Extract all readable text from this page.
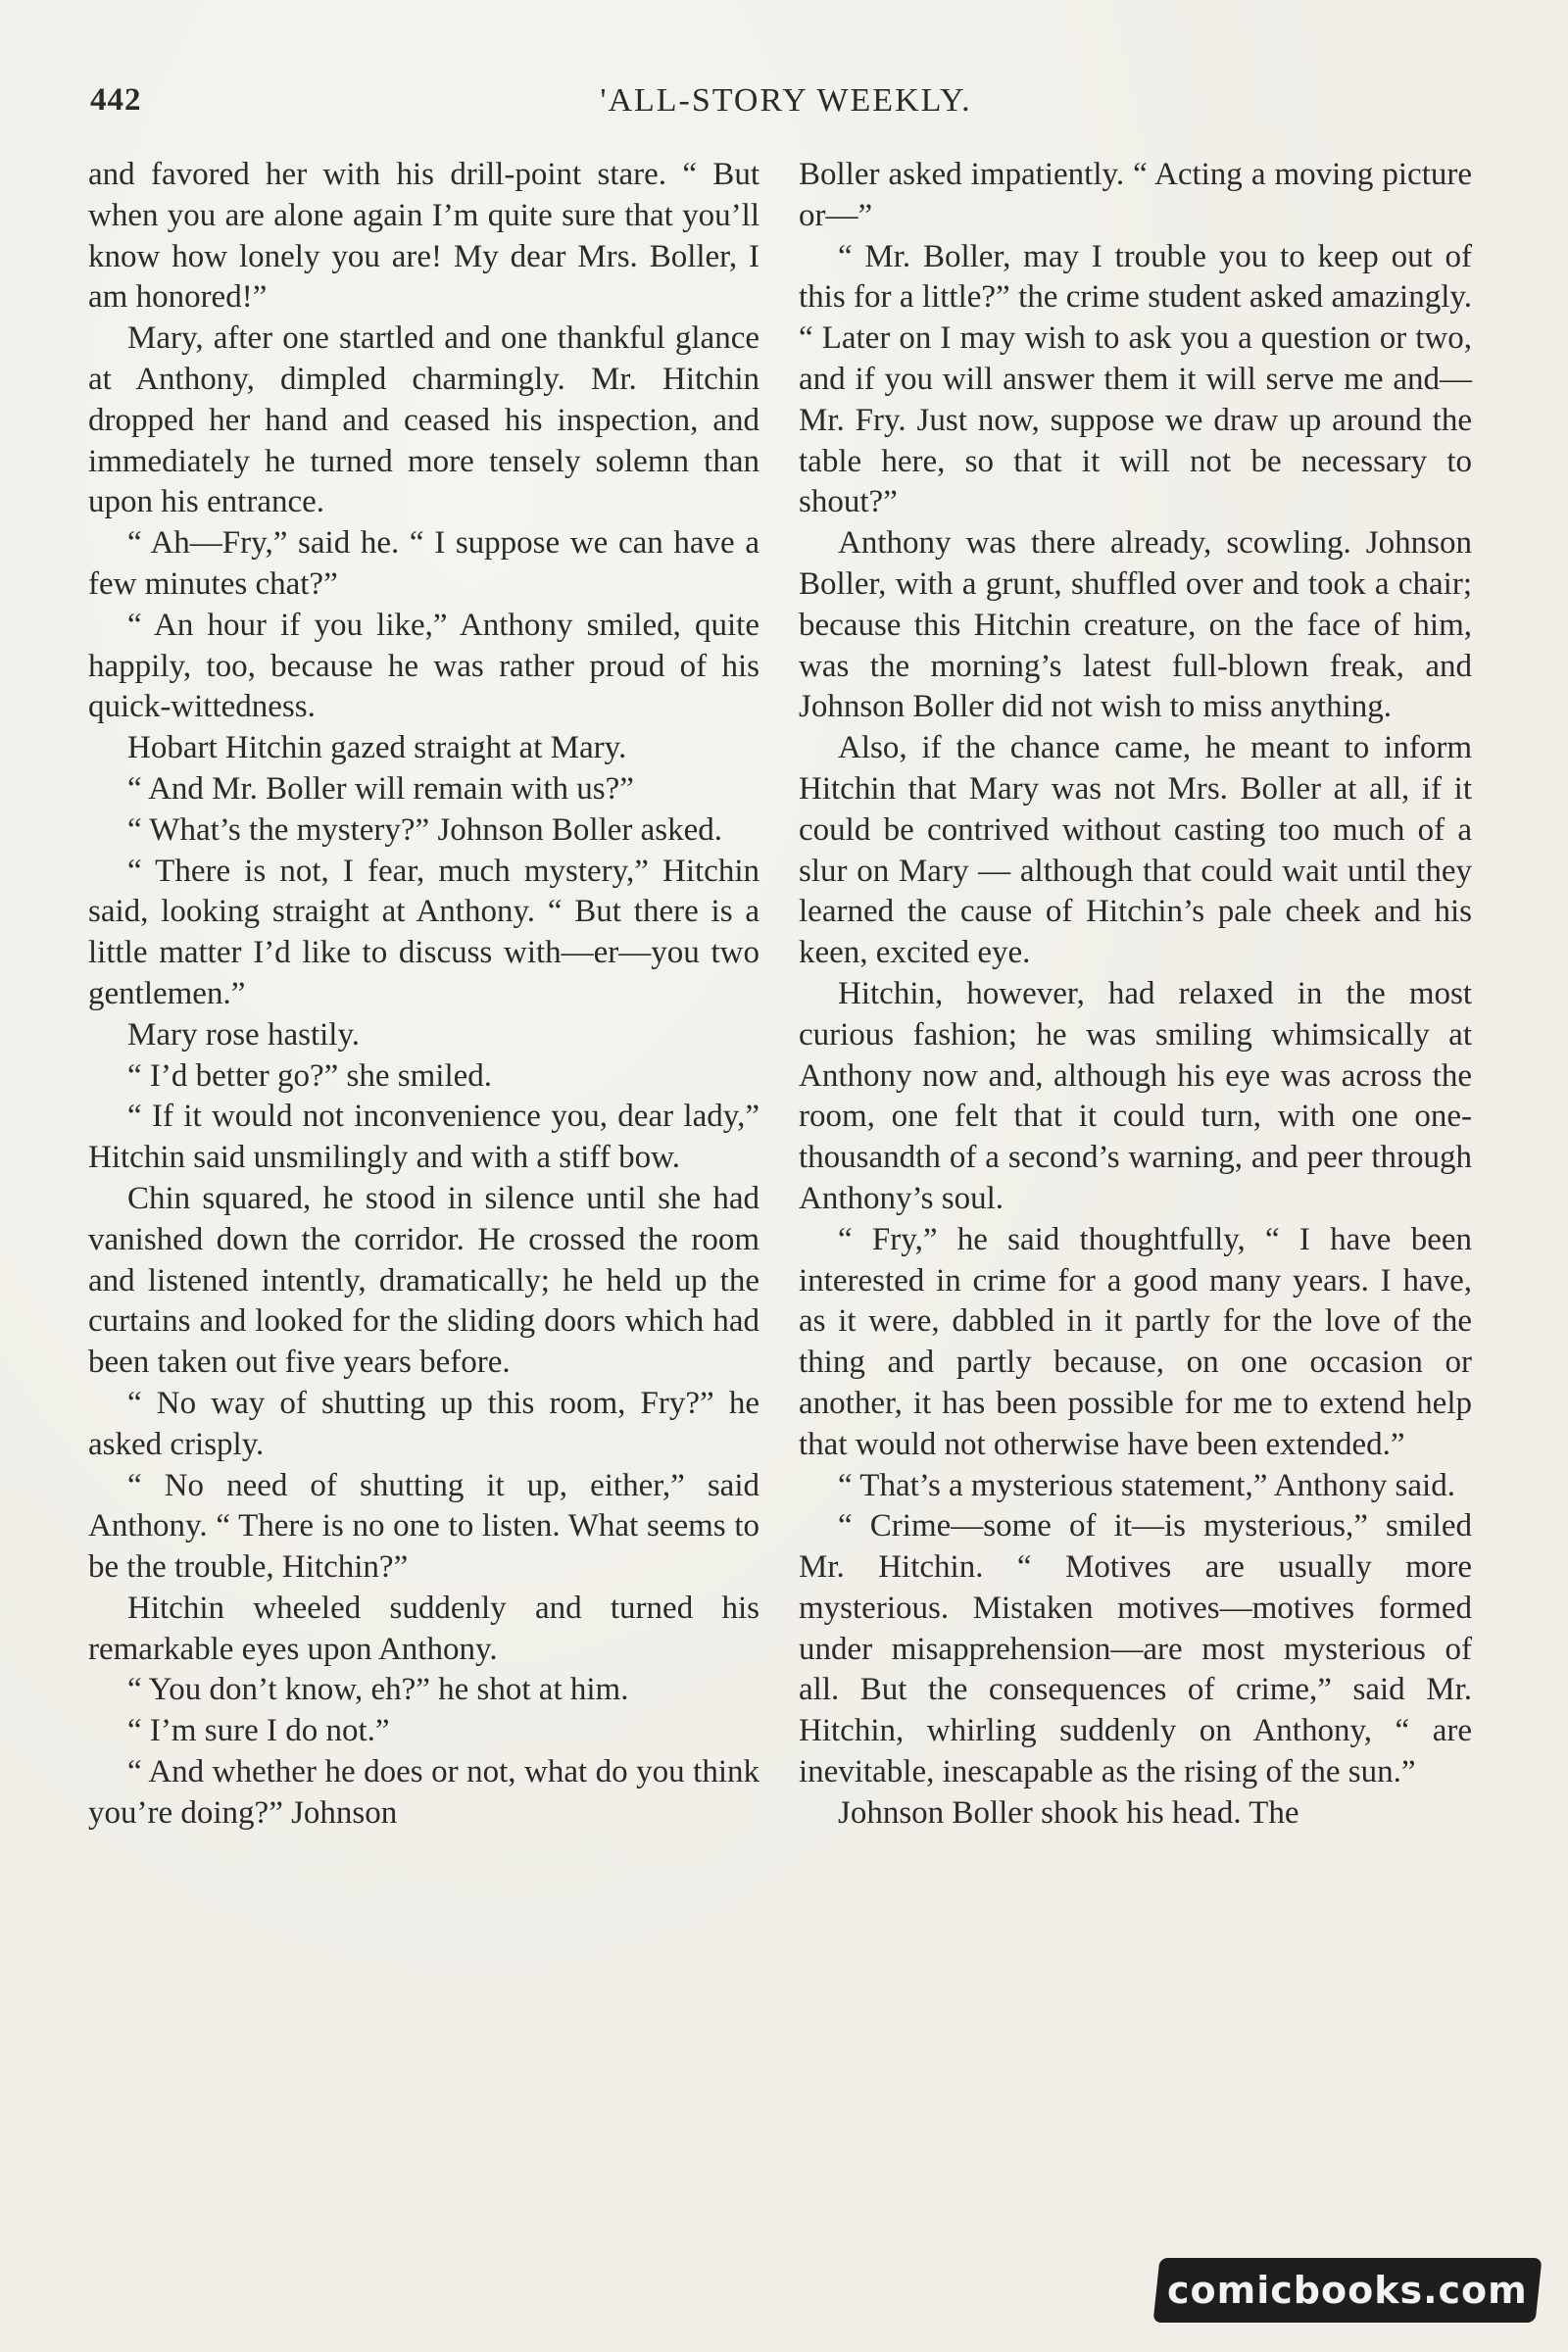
442	'ALL-STORY WEEKLY.

and favored her with his drill-point stare. “ But when you are alone again I’m quite sure that you’ll know how lonely you are! My dear Mrs. Boller, I am honored!”

Mary, after one startled and one thankful glance at Anthony, dimpled charmingly. Mr. Hitchin dropped her hand and ceased his inspection, and immediately he turned more tensely solemn than upon his entrance.

“ Ah—Fry,” said he. “ I suppose we can have a few minutes chat?”

“ An hour if you like,” Anthony smiled, quite happily, too, because he was rather proud of his quick-wittedness.

Hobart Hitchin gazed straight at Mary.

“ And Mr. Boller will remain with us?”

“ What’s the mystery?” Johnson Boller asked.

“ There is not, I fear, much mystery,” Hitchin said, looking straight at Anthony. “ But there is a little matter I’d like to discuss with—er—you two gentlemen.”

Mary rose hastily.

“ I’d better go?” she smiled.

“ If it would not inconvenience you, dear lady,” Hitchin said unsmilingly and with a stiff bow.

Chin squared, he stood in silence until she had vanished down the corridor. He crossed the room and listened intently, dramatically; he held up the curtains and looked for the sliding doors which had been taken out five years before.

“ No way of shutting up this room, Fry?” he asked crisply.

“ No need of shutting it up, either,” said Anthony. “ There is no one to listen. What seems to be the trouble, Hitchin?”

Hitchin wheeled suddenly and turned his remarkable eyes upon Anthony.

“ You don’t know, eh?” he shot at him.

“ I’m sure I do not.”

“ And whether he does or not, what do you think you’re doing?” Johnson

Boller asked impatiently. “ Acting a moving picture or—”

“ Mr. Boller, may I trouble you to keep out of this for a little?” the crime student asked amazingly. “ Later on I may wish to ask you a question or two, and if you will answer them it will serve me and—Mr. Fry. Just now, suppose we draw up around the table here, so that it will not be necessary to shout?”

Anthony was there already, scowling. Johnson Boller, with a grunt, shuffled over and took a chair; because this Hitchin creature, on the face of him, was the morning’s latest full-blown freak, and Johnson Boller did not wish to miss anything.

Also, if the chance came, he meant to inform Hitchin that Mary was not Mrs. Boller at all, if it could be contrived without casting too much of a slur on Mary — although that could wait until they learned the cause of Hitchin’s pale cheek and his keen, excited eye.

Hitchin, however, had relaxed in the most curious fashion; he was smiling whimsically at Anthony now and, although his eye was across the room, one felt that it could turn, with one one-thousandth of a second’s warning, and peer through Anthony’s soul.

“ Fry,” he said thoughtfully, “ I have been interested in crime for a good many years. I have, as it were, dabbled in it partly for the love of the thing and partly because, on one occasion or another, it has been possible for me to extend help that would not otherwise have been extended.”

“ That’s a mysterious statement,” Anthony said.

“ Crime—some of it—is mysterious,” smiled Mr. Hitchin. “ Motives are usually more mysterious. Mistaken motives—motives formed under misapprehension—are most mysterious of all. But the consequences of crime,” said Mr. Hitchin, whirling suddenly on Anthony, “ are inevitable, inescapable as the rising of the sun.”

Johnson Boller shook his head. The

comicbooks.com
